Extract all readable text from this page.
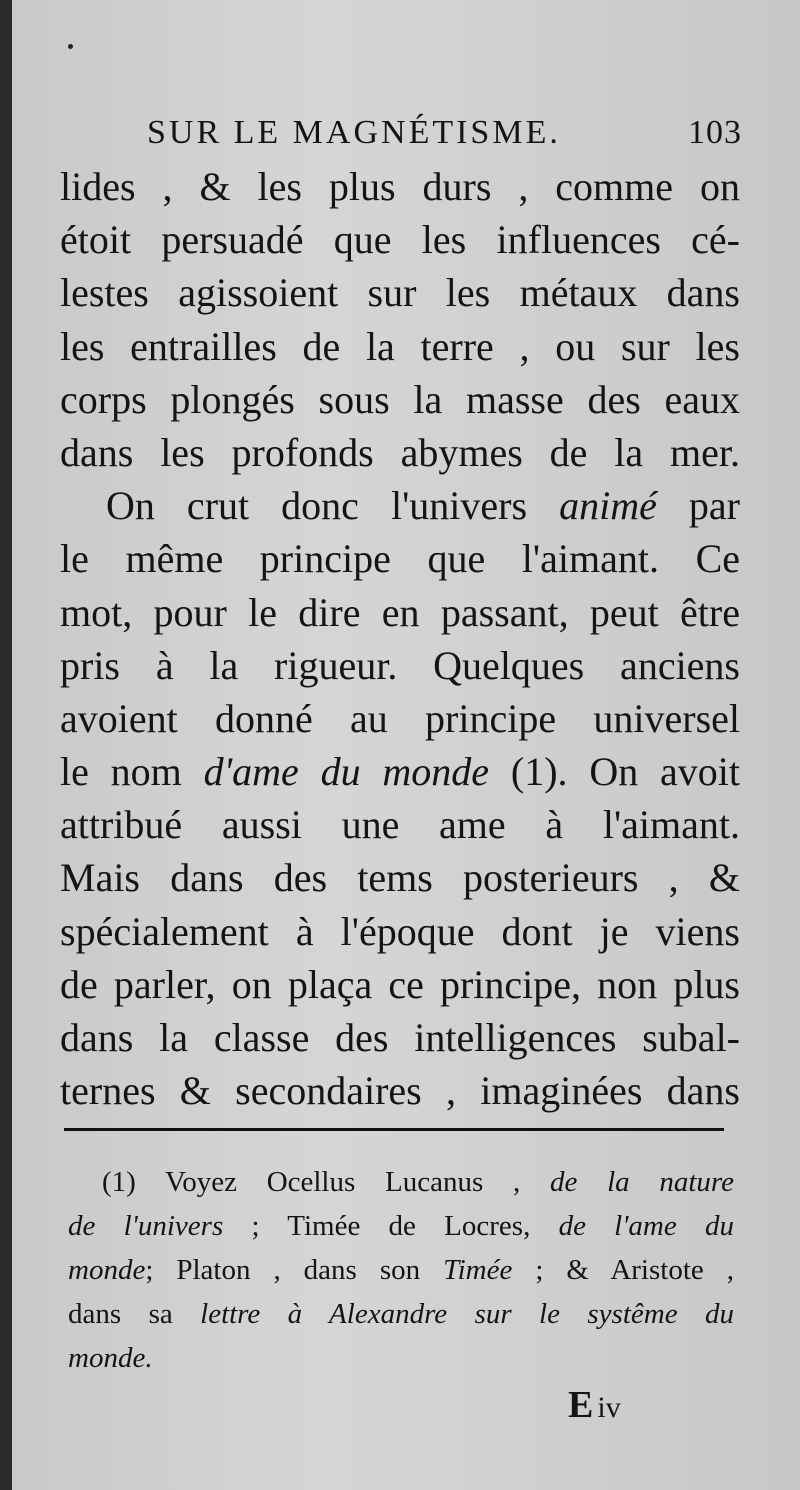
SUR LE MAGNÉTISME.	103
lides , & les plus durs , comme on
étoit persuadé que les influences cé-
lestes agissoient sur les métaux dans
les entrailles de la terre , ou sur les
corps plongés sous la masse des eaux
dans les profonds abymes de la mer.
On crut donc l'univers animé par
le même principe que l'aimant. Ce
mot, pour le dire en passant, peut être
pris à la rigueur. Quelques anciens
avoient donné au principe universel
le nom d'ame du monde (1). On avoit
attribué aussi une ame à l'aimant.
Mais dans des tems posterieurs , &
spécialement à l'époque dont je viens
de parler, on plaça ce principe, non plus
dans la classe des intelligences subal-
ternes & secondaires , imaginées dans
(1) Voyez Ocellus Lucanus , de la nature
de l'univers ; Timée de Locres, de l'ame du
monde; Platon , dans son Timée ; & Aristote ,
dans sa lettre à Alexandre sur le systême du
monde.
E iv
